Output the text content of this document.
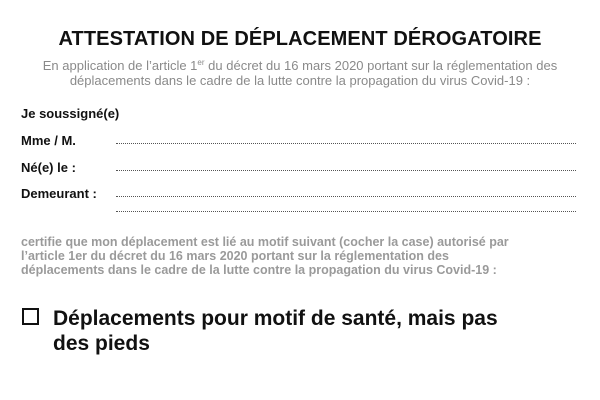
ATTESTATION DE DÉPLACEMENT DÉROGATOIRE
En application de l’article 1er du décret du 16 mars 2020 portant sur la réglementation des
déplacements dans le cadre de la lutte contre la propagation du virus Covid-19 :
Je soussigné(e)
Mme / M.
Né(e) le :
Demeurant :
certifie que mon déplacement est lié au motif suivant (cocher la case) autorisé par
l’article 1er du décret du 16 mars 2020 portant sur la réglementation des
déplacements dans le cadre de la lutte contre la propagation du virus Covid-19 :
Déplacements pour motif de santé, mais pas
des pieds
